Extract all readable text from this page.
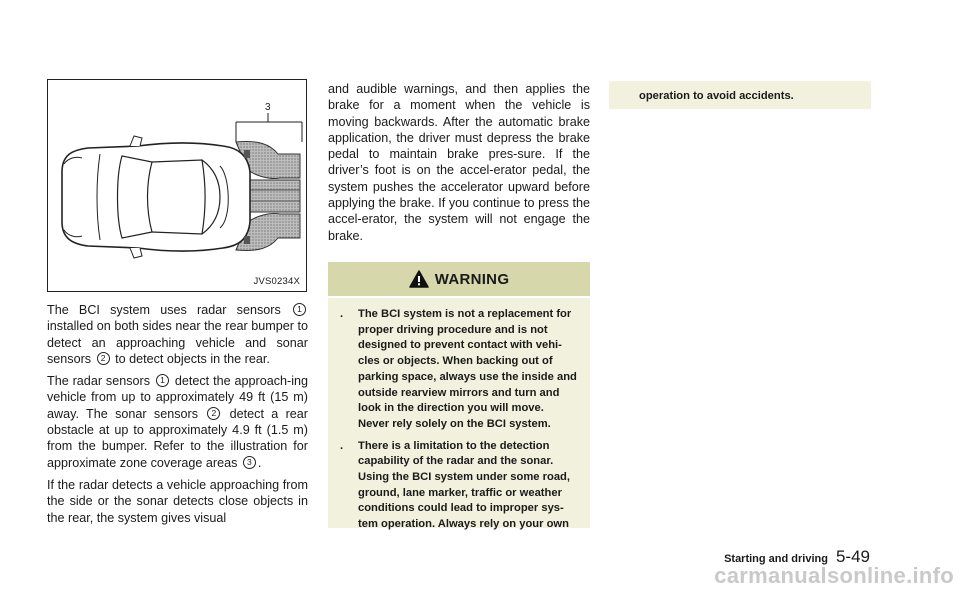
3
JVS0234X

The BCI system uses radar sensors 1 installed on both sides near the rear bumper to detect an approaching vehicle and sonar sensors 2 to detect objects in the rear.

The radar sensors 1 detect the approach-ing vehicle from up to approximately 49 ft (15 m) away. The sonar sensors 2 detect a rear obstacle at up to approximately 4.9 ft (1.5 m) from the bumper. Refer to the illustration for approximate zone coverage areas 3 .

If the radar detects a vehicle approaching from the side or the sonar detects close objects in the rear, the system gives visual

and audible warnings, and then applies the brake for a moment when the vehicle is moving backwards. After the automatic brake application, the driver must depress the brake pedal to maintain brake pres-sure. If the driver’s foot is on the accel-erator pedal, the system pushes the accelerator upward before applying the brake. If you continue to press the accel-erator, the system will not engage the brake.

WARNING
. The BCI system is not a replacement for proper driving procedure and is not designed to prevent contact with vehi-cles or objects. When backing out of parking space, always use the inside and outside rearview mirrors and turn and look in the direction you will move. Never rely solely on the BCI system.
. There is a limitation to the detection capability of the radar and the sonar. Using the BCI system under some road, ground, lane marker, traffic or weather conditions could lead to improper sys-tem operation. Always rely on your own
operation to avoid accidents.
Starting and driving 5-49
carmanualsonline.info
